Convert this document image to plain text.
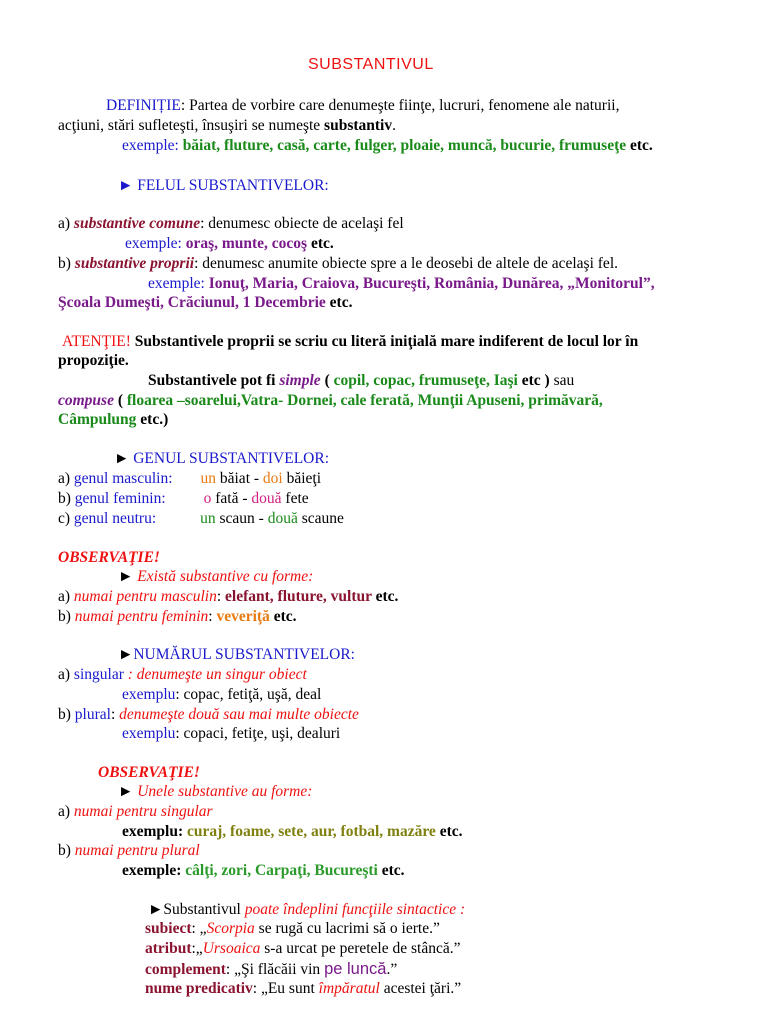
SUBSTANTIVUL
DEFINIȚIE: Partea de vorbire care denumeşte fiinţe, lucruri, fenomene ale naturii,
acţiuni, stări sufleteşti, însuşiri se numeşte substantiv.
exemple: băiat, fluture, casă, carte, fulger, ploaie, muncă, bucurie, frumuseţe etc.
► FELUL SUBSTANTIVELOR:
a) substantive comune: denumesc obiecte de acelaşi fel
exemple: oraş, munte, cocoş etc.
b) substantive proprii: denumesc anumite obiecte spre a le deosebi de altele de acelaşi fel.
exemple: Ionuţ, Maria, Craiova, Bucureşti, România, Dunărea, „Monitorul”,
Şcoala Dumeşti, Crăciunul, 1 Decembrie etc.
ATENŢIE! Substantivele proprii se scriu cu literă iniţială mare indiferent de locul lor în
propoziţie.
Substantivele pot fi simple ( copil, copac, frumuseţe, Iaşi etc ) sau
compuse ( floarea –soarelui,Vatra- Dornei, cale ferată, Munţii Apuseni, primăvară,
Câmpulung etc.)
► GENUL SUBSTANTIVELOR:
a) genul masculin: un băiat - doi băieţi
b) genul feminin: o fată - două fete
c) genul neutru:	un scaun - două scaune
OBSERVAŢIE!
► Există substantive cu forme:
a) numai pentru masculin: elefant, fluture, vultur etc.
b) numai pentru feminin: veveriţă etc.
►NUMĂRUL SUBSTANTIVELOR:
a) singular : denumeşte un singur obiect
exemplu: copac, fetiţă, uşă, deal
b) plural: denumeşte două sau mai multe obiecte
exemplu: copaci, fetiţe, uşi, dealuri
OBSERVAŢIE!
► Unele substantive au forme:
a) numai pentru singular
exemplu: curaj, foame, sete, aur, fotbal, mazăre etc.
b) numai pentru plural
exemple: câlţi, zori, Carpaţi, Bucureşti etc.
►Substantivul poate îndeplini funcţiile sintactice :
subiect: „Scorpia se rugă cu lacrimi să o ierte.”
atribut:„Ursoaica s-a urcat pe peretele de stâncă.”
complement: „Şi flăcăii vin pe luncă.”
nume predicativ: „Eu sunt împăratul acestei ţări.”
